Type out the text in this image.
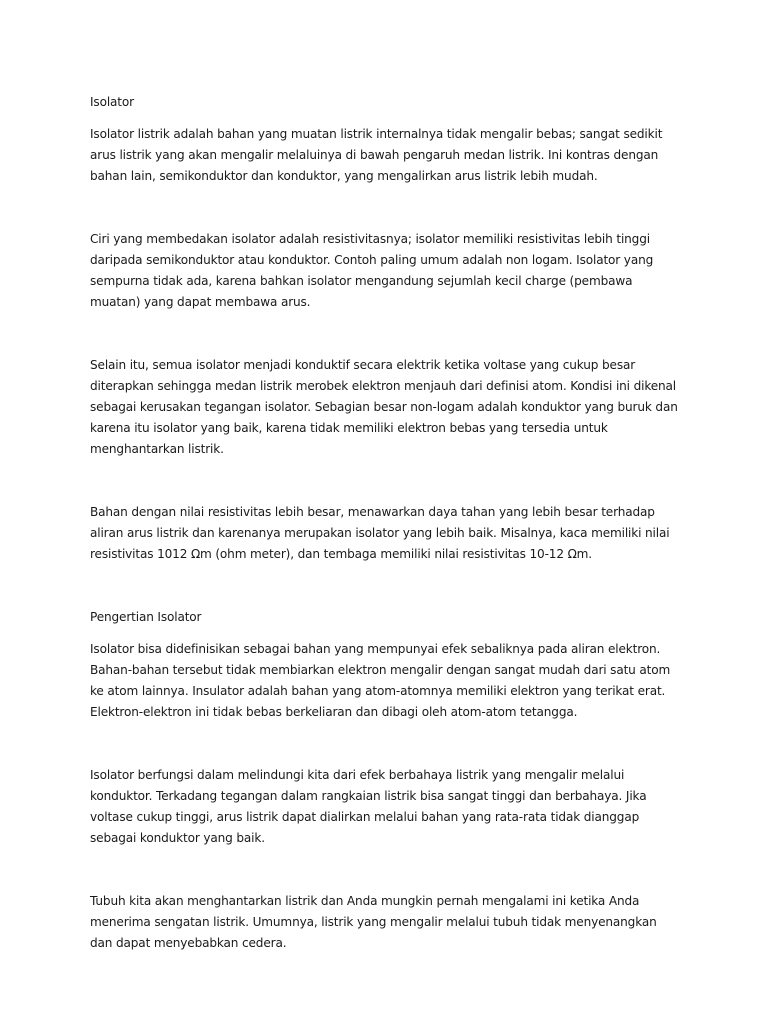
Isolator

Isolator listrik adalah bahan yang muatan listrik internalnya tidak mengalir bebas; sangat sedikit arus listrik yang akan mengalir melaluinya di bawah pengaruh medan listrik. Ini kontras dengan bahan lain, semikonduktor dan konduktor, yang mengalirkan arus listrik lebih mudah.

Ciri yang membedakan isolator adalah resistivitasnya; isolator memiliki resistivitas lebih tinggi daripada semikonduktor atau konduktor. Contoh paling umum adalah non logam. Isolator yang sempurna tidak ada, karena bahkan isolator mengandung sejumlah kecil charge (pembawa muatan) yang dapat membawa arus.

Selain itu, semua isolator menjadi konduktif secara elektrik ketika voltase yang cukup besar diterapkan sehingga medan listrik merobek elektron menjauh dari definisi atom. Kondisi ini dikenal sebagai kerusakan tegangan isolator. Sebagian besar non-logam adalah konduktor yang buruk dan karena itu isolator yang baik, karena tidak memiliki elektron bebas yang tersedia untuk menghantarkan listrik.

Bahan dengan nilai resistivitas lebih besar, menawarkan daya tahan yang lebih besar terhadap aliran arus listrik dan karenanya merupakan isolator yang lebih baik. Misalnya, kaca memiliki nilai resistivitas 1012 Ωm (ohm meter), dan tembaga memiliki nilai resistivitas 10-12 Ωm.

Pengertian Isolator

Isolator bisa didefinisikan sebagai bahan yang mempunyai efek sebaliknya pada aliran elektron. Bahan-bahan tersebut tidak membiarkan elektron mengalir dengan sangat mudah dari satu atom ke atom lainnya. Insulator adalah bahan yang atom-atomnya memiliki elektron yang terikat erat. Elektron-elektron ini tidak bebas berkeliaran dan dibagi oleh atom-atom tetangga.

Isolator berfungsi dalam melindungi kita dari efek berbahaya listrik yang mengalir melalui konduktor. Terkadang tegangan dalam rangkaian listrik bisa sangat tinggi dan berbahaya. Jika voltase cukup tinggi, arus listrik dapat dialirkan melalui bahan yang rata-rata tidak dianggap sebagai konduktor yang baik.

Tubuh kita akan menghantarkan listrik dan Anda mungkin pernah mengalami ini ketika Anda menerima sengatan listrik. Umumnya, listrik yang mengalir melalui tubuh tidak menyenangkan dan dapat menyebabkan cedera.
